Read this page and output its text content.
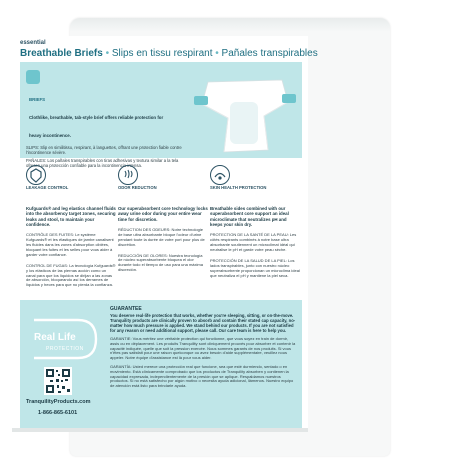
essential
Breathable Briefs • Slips en tissu respirant • Pañales transpirables
BRIEFS
Clothlike, breathable, tab-style brief offers reliable protection for heavy incontinence.
SLIPS: Slip en similitissu, respirant, à languettes, offrant une protection fiable contre l'incontinence sévère.
PAÑALES: Los pañales transpirables con tiras adhesivas y textura similar a la tela ofrecen una protección confiable para la incontinencia intensa.
LEAKAGE CONTROL
Kufguards® and leg elastics channel fluids into the absorbency target zones, securing leaks and stool, to maintain your confidence.
CONTRÔLE DES FUITES: Le système Kufguards® et les élastiques de jambe canalisent les fluides dans les zones d'absorption ciblées, bloquant les fuites et les selles pour vous aider à garder votre confiance.
CONTROL DE FUGAS: La tecnología Kufguards® y los elásticos de las piernas acción como un canal para que los líquidos se dirijan a las zonas de absorción, bloqueando así los derrames de líquidos y heces para que no pierda la confianza.
ODOR REDUCTION
Our superabsorbent core technology locks away urine odor during your entire wear time for discretion.
RÉDUCTION DES ODEURS: Notre technologie de base ultra absorbante bloque l'odeur d'urine pendant toute la durée de votre port pour plus de discrétion.
REDUCCIÓN DE OLORES: Nuestra tecnología de núcleo superabsorbente bloquea el olor durante todo el tiempo de uso para una máxima discreción.
SKIN HEALTH PROTECTION
Breathable sides combined with our superabsorbent core support an ideal microclimate that neutralizes pH and keeps your skin dry.
PROTECTION DE LA SANTÉ DE LA PEAU: Les côtés respirants combinés à notre base ultra absorbante soutiennent un microclimat idéal qui neutralise le pH et garde votre peau sèche.
PROTECCIÓN DE LA SALUD DE LA PIEL: Los lados transpirables, junto con nuestro núcleo superabsorbente proporcionan un microclima ideal que neutraliza el pH y mantiene la piel seca.
Real Life
PROTECTION
TranquilityProducts.com
1-866-865-6101
GUARANTEE
You deserve real-life protection that works, whether you're sleeping, sitting, or on-the-move. Tranquility products are clinically proven to absorb and contain their stated cap capacity, no-matter how much pressure is applied. We stand behind our products. If you are not satisfied for any reason or need additional support, please call. Our care team is here to help you.
GARANTIE: Vous méritez une véritable protection qui fonctionne, que vous soyez en train de dormir, assis ou en déplacement. Les produits Tranquility sont cliniquement prouvés pour absorber et contenir la capacité indiquée, quelle que soit la pression exercée. Nous sommes garants de nos produits. Si vous n'êtes pas satisfait pour une raison quelconque ou avez besoin d'aide supplémentaire, veuillez nous appeler. Notre équipe d'assistance est là pour vous aider.
GARANTÍA: Usted merece una protección real que funcione, sea que esté durmiendo, sentado o en movimiento. Está clínicamente comprobado que los productos de Tranquility absorben y contienen la capacidad expresada, independientemente de la presión que se aplique. Respaldamos nuestros productos. Si no está satisfecho por algún motivo o necesita ayuda adicional, llámenos. Nuestro equipo de atención está listo para brindarle ayuda.
